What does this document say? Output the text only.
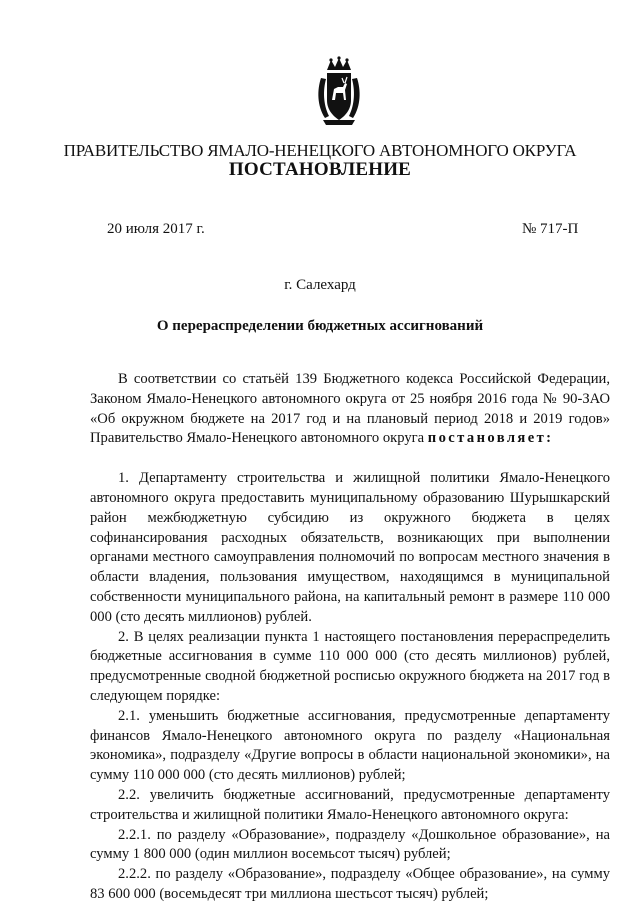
ПРАВИТЕЛЬСТВО ЯМАЛО-НЕНЕЦКОГО АВТОНОМНОГО ОКРУГА
ПОСТАНОВЛЕНИЕ
20 июля 2017 г.	№ 717-П
г. Салехард
О перераспределении бюджетных ассигнований

В соответствии со статьёй 139 Бюджетного кодекса Российской Федерации, Законом Ямало-Ненецкого автономного округа от 25 ноября 2016 года № 90-ЗАО «Об окружном бюджете на 2017 год и на плановый период 2018 и 2019 годов» Правительство Ямало-Ненецкого автономного округа постановляет:

1. Департаменту строительства и жилищной политики Ямало-Ненецкого автономного округа предоставить муниципальному образованию Шурышкарский район межбюджетную субсидию из окружного бюджета в целях софинансирования расходных обязательств, возникающих при выполнении органами местного самоуправления полномочий по вопросам местного значения в области владения, пользования имуществом, находящимся в муниципальной собственности муниципального района, на капитальный ремонт в размере 110 000 000 (сто десять миллионов) рублей.

2. В целях реализации пункта 1 настоящего постановления перераспределить бюджетные ассигнования в сумме 110 000 000 (сто десять миллионов) рублей, предусмотренные сводной бюджетной росписью окружного бюджета на 2017 год в следующем порядке:

2.1. уменьшить бюджетные ассигнования, предусмотренные департаменту финансов Ямало-Ненецкого автономного округа по разделу «Национальная экономика», подразделу «Другие вопросы в области национальной экономики», на сумму 110 000 000 (сто десять миллионов) рублей;

2.2. увеличить бюджетные ассигнований, предусмотренные департаменту строительства и жилищной политики Ямало-Ненецкого автономного округа:

2.2.1. по разделу «Образование», подразделу «Дошкольное образование», на сумму 1 800 000 (один миллион восемьсот тысяч) рублей;

2.2.2. по разделу «Образование», подразделу «Общее образование», на сумму 83 600 000 (восемьдесят три миллиона шестьсот тысяч) рублей;
